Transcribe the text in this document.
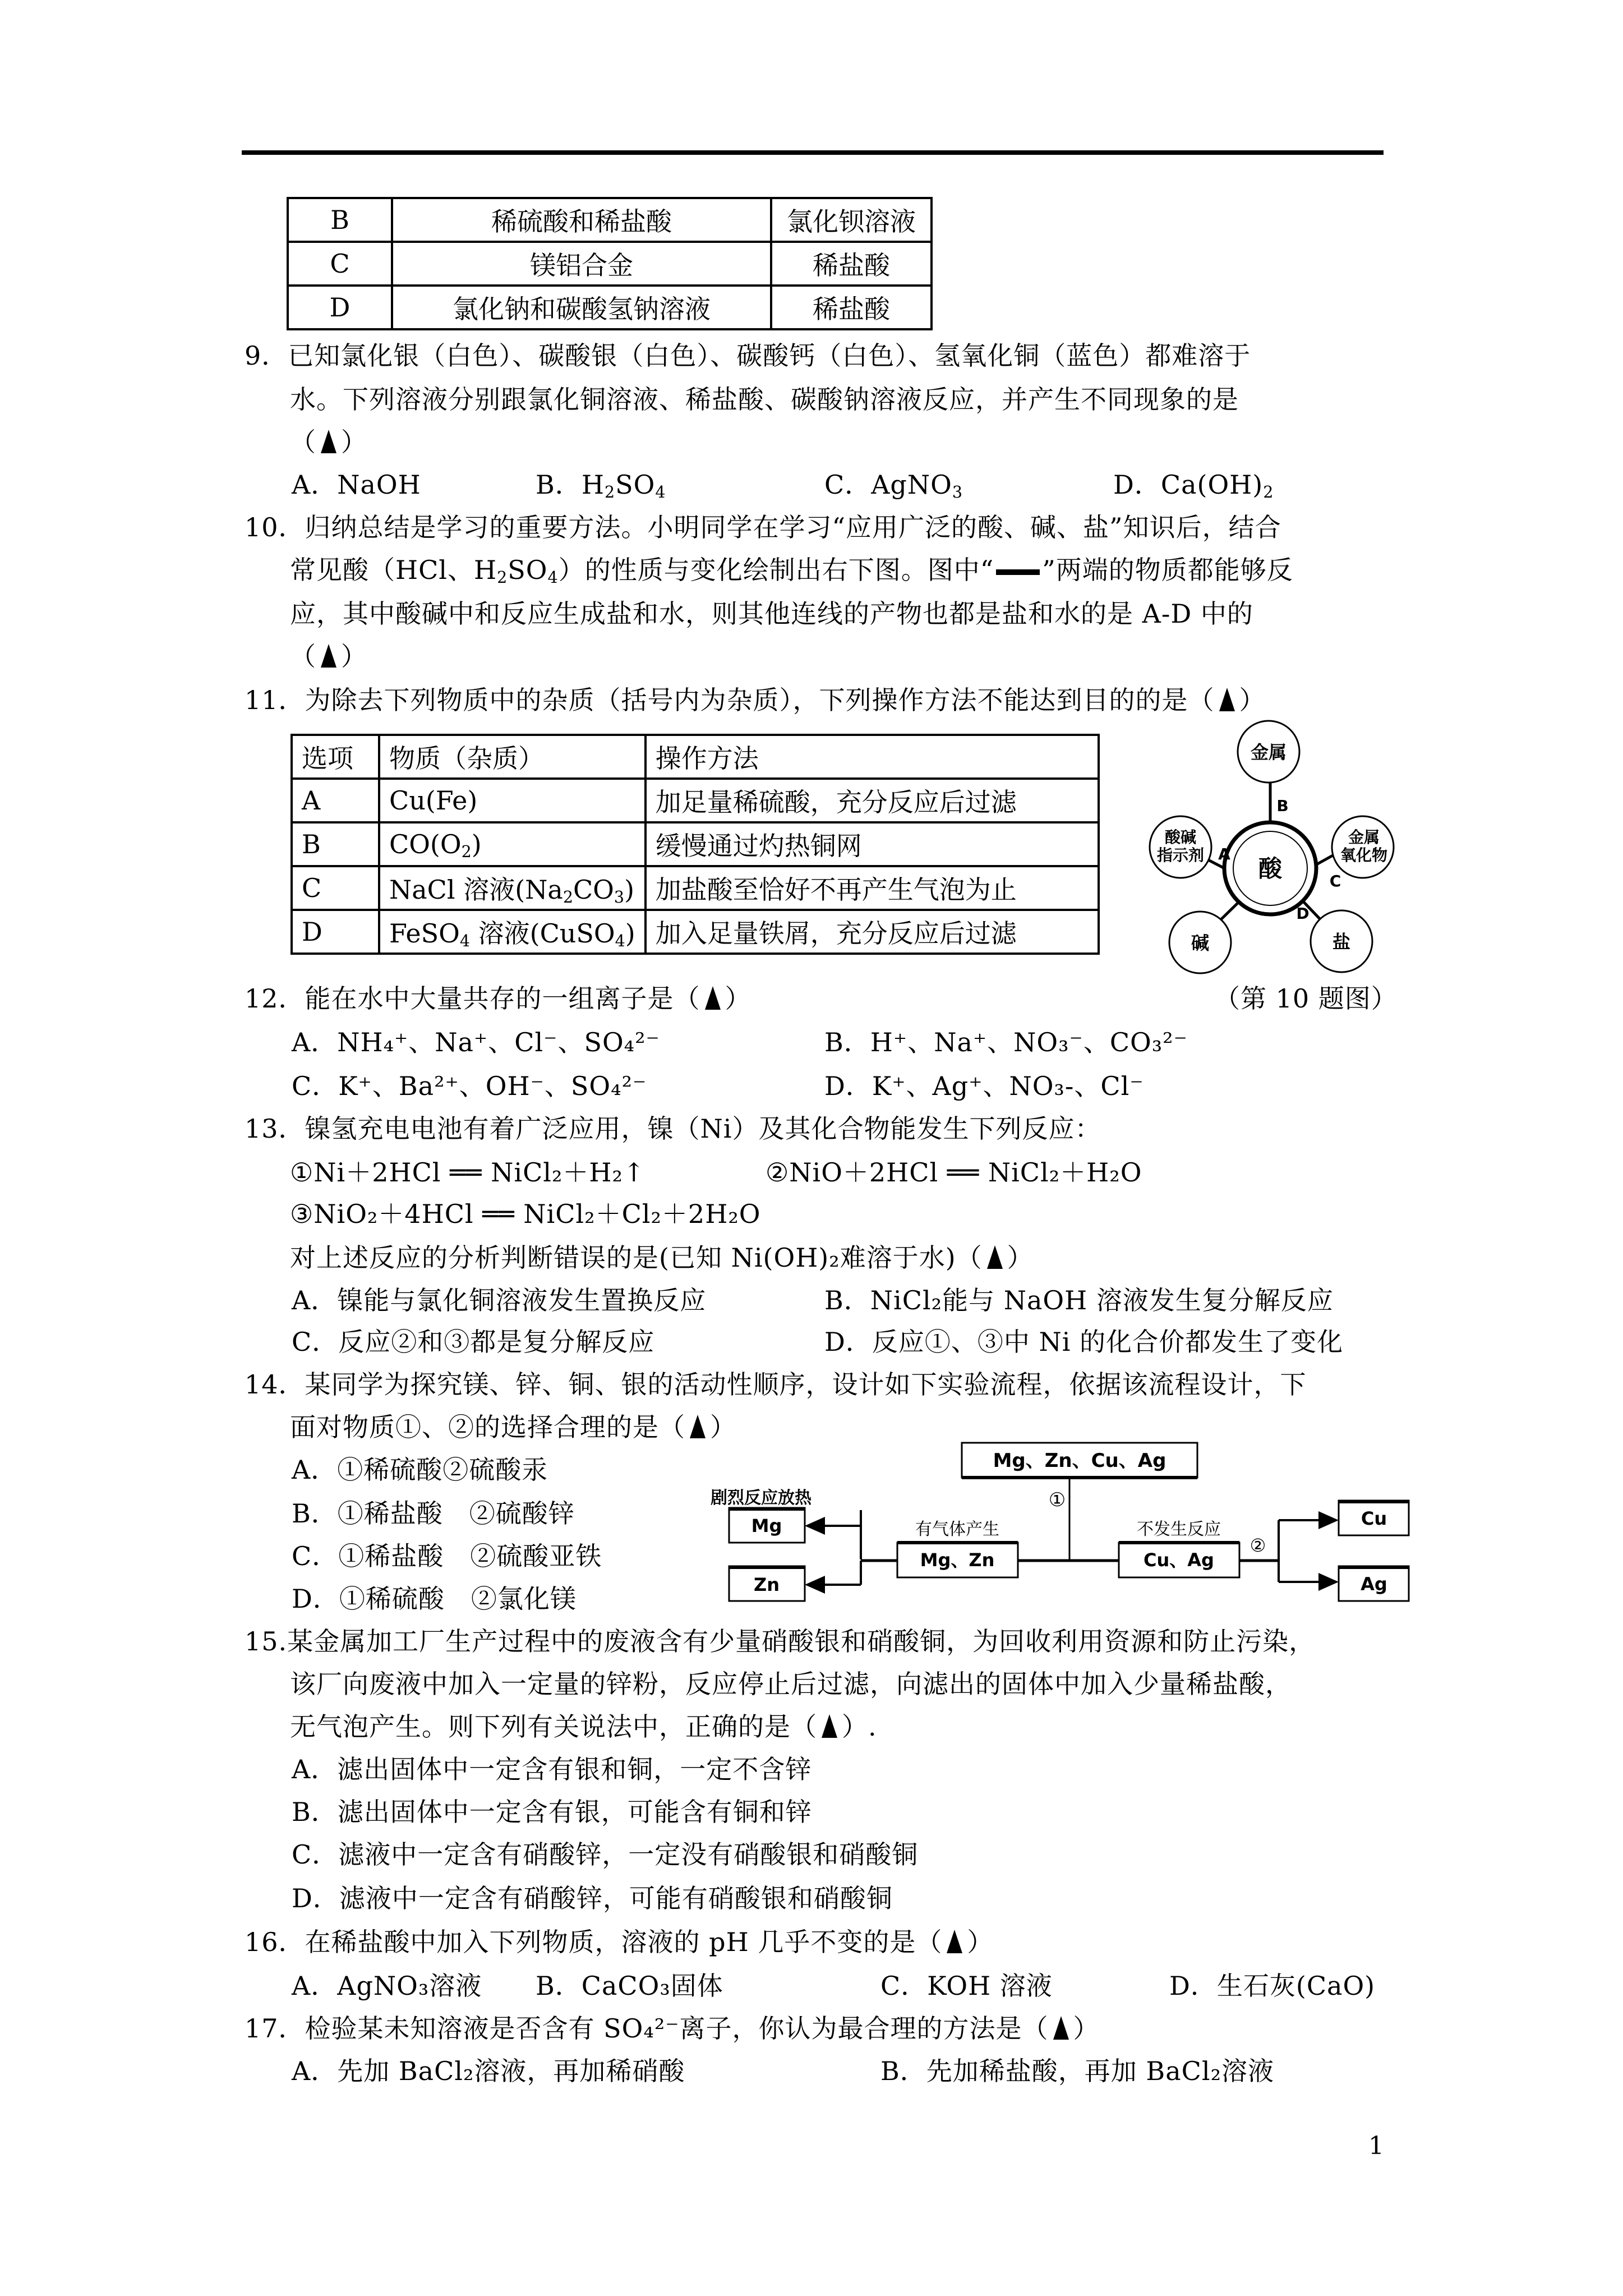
B	稀硫酸和稀盐酸	氯化钡溶液
C	镁铝合金	稀盐酸
D	氯化钠和碳酸氢钠溶液	稀盐酸
9．已知氯化银（白色）、碳酸银（白色）、碳酸钙（白色）、氢氧化铜（蓝色）都难溶于
水。下列溶液分别跟氯化铜溶液、稀盐酸、碳酸钠溶液反应，并产生不同现象的是
（ ）
A．NaOH	B．$H_2SO_4$	C．AgNO$_3$	D．$Ca(OH)_2$
10．归纳总结是学习的重要方法。小明同学在学习“应用广泛的酸、碱、盐”知识后，结合
常见酸（HCl、$H_2SO_4$）的性质与变化绘制出右下图。图中“ ”两端的物质都能够反
应，其中酸碱中和反应生成盐和水，则其他连线的产物也都是盐和水的是 A-D 中的
（ ）
11．为除去下列物质中的杂质（括号内为杂质），下列操作方法不能达到目的的是（ ）
选项	物质（杂质）	操作方法
A	Cu(Fe)	加足量稀硫酸，充分反应后过滤
B	$CO(O_2)$	缓慢通过灼热铜网
C	NaCl 溶液$(Na_2CO_3)$	加盐酸至恰好不再产生气泡为止
D	FeSO$_4$ 溶液(CuSO$_4$)	加入足量铁屑，充分反应后过滤
酸
金属
B
酸碱
指示剂 A
金属
氧化物
C
碱	盐
D
12．能在水中大量共存的一组离子是（ ）	（第 10 题图）
A．NH₄⁺、Na⁺、Cl⁻、SO₄²⁻	B．H⁺、Na⁺、NO₃⁻、CO₃²⁻
C．K⁺、Ba²⁺、OH⁻、SO₄²⁻	D．K⁺、Ag⁺、NO₃-、Cl⁻
13．镍氢充电电池有着广泛应用，镍（Ni）及其化合物能发生下列反应：
①Ni＋2HCl ══ NiCl₂＋H₂↑	②NiO＋2HCl ══ NiCl₂＋H₂O
③NiO₂＋4HCl ══ NiCl₂＋Cl₂＋2H₂O
对上述反应的分析判断错误的是(已知 Ni(OH)₂难溶于水)（ ）
A．镍能与氯化铜溶液发生置换反应	B．NiCl₂能与 NaOH 溶液发生复分解反应
C．反应②和③都是复分解反应	D．反应①、③中 Ni 的化合价都发生了变化
14．某同学为探究镁、锌、铜、银的活动性顺序，设计如下实验流程，依据该流程设计，下
面对物质①、②的选择合理的是（ ）
A．①稀硫酸②硫酸汞
B．①稀盐酸　②硫酸锌
C．①稀盐酸　②硫酸亚铁
D．①稀硫酸　②氯化镁
Mg、Zn、Cu、Ag
①
Mg、Zn
有气体产生
Cu、Ag
不发生反应
剧烈反应放热
Mg
Zn
②
Cu
Ag
15.某金属加工厂生产过程中的废液含有少量硝酸银和硝酸铜，为回收利用资源和防止污染，
该厂向废液中加入一定量的锌粉，反应停止后过滤，向滤出的固体中加入少量稀盐酸，
无气泡产生。则下列有关说法中，正确的是（ ）.
A．滤出固体中一定含有银和铜，一定不含锌
B．滤出固体中一定含有银，可能含有铜和锌
C．滤液中一定含有硝酸锌，一定没有硝酸银和硝酸铜
D．滤液中一定含有硝酸锌，可能有硝酸银和硝酸铜
16．在稀盐酸中加入下列物质，溶液的 pH 几乎不变的是（ ）
A．AgNO₃溶液 B．CaCO₃固体	C．KOH 溶液	D．生石灰(CaO)
17．检验某未知溶液是否含有 SO₄²⁻离子，你认为最合理的方法是（ ）
A．先加 BaCl₂溶液，再加稀硝酸	B．先加稀盐酸，再加 BaCl₂溶液
1
